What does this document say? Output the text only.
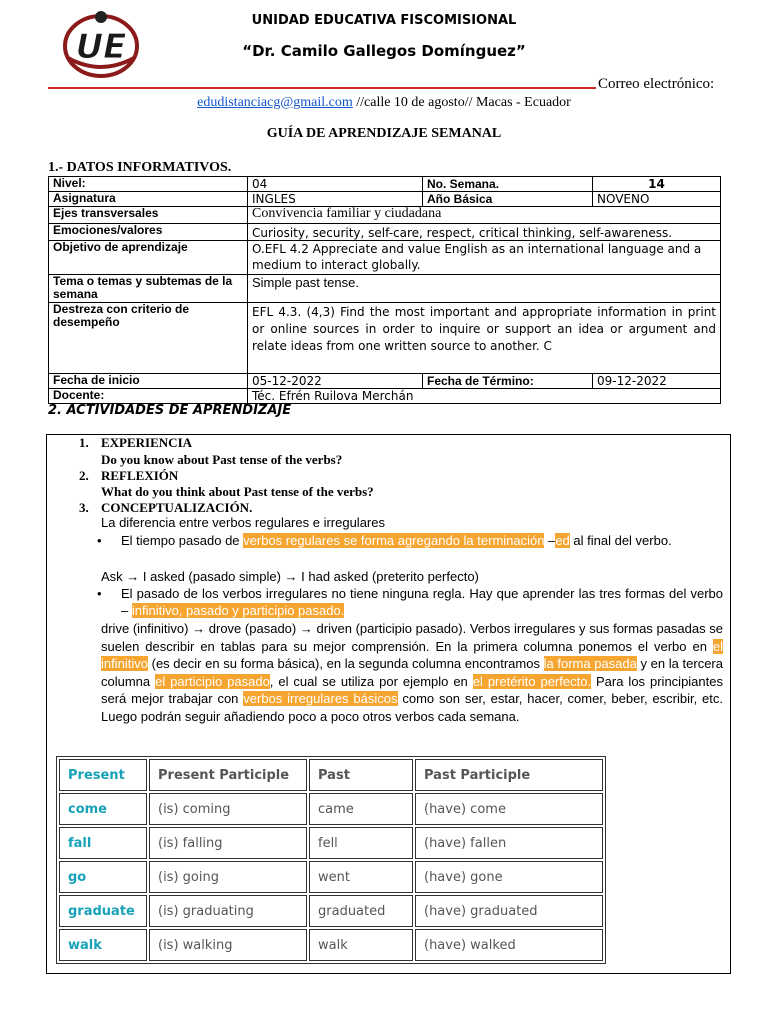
UE
UNIDAD EDUCATIVA FISCOMISIONAL
“Dr. Camilo Gallegos Domínguez”
Correo electrónico:
edudistanciacg@gmail.com //calle 10 de agosto// Macas - Ecuador
GUÍA DE APRENDIZAJE SEMANAL
1.- DATOS INFORMATIVOS.
Nivel:	04	No. Semana.	14
Asignatura	INGLES	Año Básica	NOVENO
Ejes transversales	Convivencia familiar y ciudadana		
Emociones/valores	Curiosity, security, self-care, respect, critical thinking, self-awareness.		
Objetivo de aprendizaje	O.EFL 4.2 Appreciate and value English as an international language and a medium to interact globally.		
Tema o temas y subtemas de la semana	Simple past tense.		
Destreza con criterio de desempeño	EFL 4.3. (4,3) Find the most important and appropriate information in print or online sources in order to inquire or support an idea or argument and relate ideas from one written source to another. C		
Fecha de inicio	05-12-2022	Fecha de Término:	09-12-2022
Docente:	Téc. Efrén Ruilova Merchán		
2. ACTIVIDADES DE APRENDIZAJE
1. EXPERIENCIA
Do you know about Past tense of the verbs?
2. REFLEXIÓN
What do you think about Past tense of the verbs?
3. CONCEPTUALIZACIÓN.
La diferencia entre verbos regulares e irregulares
• El tiempo pasado de verbos regulares se forma agregando la terminación –ed al final del verbo.
Ask → I asked (pasado simple) → I had asked (preterito perfecto)
• El pasado de los verbos irregulares no tiene ninguna regla. Hay que aprender las tres formas del verbo – infinitivo, pasado y participio pasado.
drive (infinitivo) → drove (pasado) → driven (participio pasado). Verbos irregulares y sus formas pasadas se suelen describir en tablas para su mejor comprensión. En la primera columna ponemos el verbo en el infinitivo (es decir en su forma básica), en la segunda columna encontramos la forma pasada y en la tercera columna el participio pasado, el cual se utiliza por ejemplo en el pretérito perfecto. Para los principiantes será mejor trabajar con verbos irregulares básicos como son ser, estar, hacer, comer, beber, escribir, etc. Luego podrán seguir añadiendo poco a poco otros verbos cada semana.
Present	Present Participle	Past	Past Participle
come	(is) coming	came	(have) come
fall	(is) falling	fell	(have) fallen
go	(is) going	went	(have) gone
graduate	(is) graduating	graduated	(have) graduated
walk	(is) walking	walk	(have) walked
